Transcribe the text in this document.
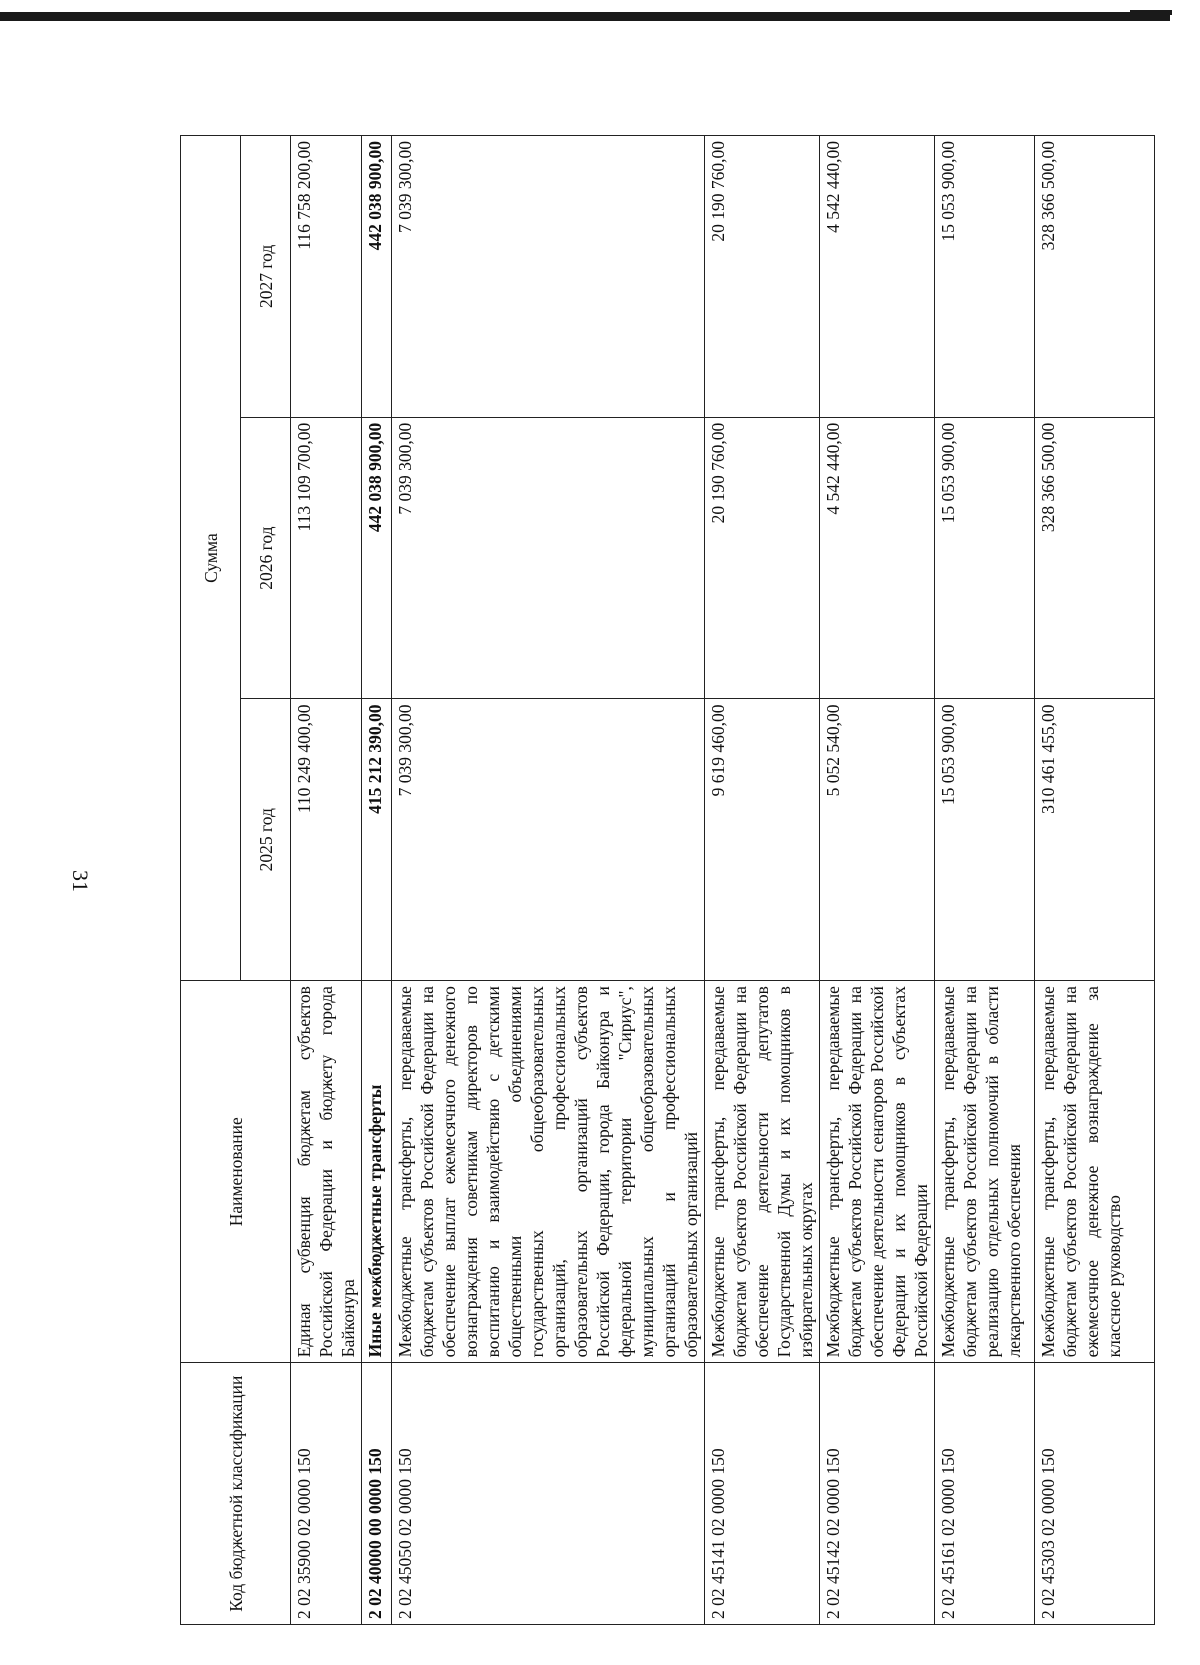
31
Код бюджетной классификации	Наименование	Сумма		
		2025 год	2026 год	2027 год
2 02 35900 02 0000 150	Единая субвенция бюджетам субъектов Российской Федерации и бюджету города Байконура	110 249 400,00	113 109 700,00	116 758 200,00
2 02 40000 00 0000 150	Иные межбюджетные трансферты	415 212 390,00	442 038 900,00	442 038 900,00
2 02 45050 02 0000 150	Межбюджетные трансферты, передаваемые бюджетам субъектов Российской Федерации на обеспечение выплат ежемесячного денежного вознаграждения советникам директоров по воспитанию и взаимодействию с детскими общественными объединениями государственных общеобразовательных организаций, профессиональных образовательных организаций субъектов Российской Федерации, города Байконура и федеральной территории "Сириус", муниципальных общеобразовательных организаций и профессиональных образовательных организаций	7 039 300,00	7 039 300,00	7 039 300,00
2 02 45141 02 0000 150	Межбюджетные трансферты, передаваемые бюджетам субъектов Российской Федерации на обеспечение деятельности депутатов Государственной Думы и их помощников в избирательных округах	9 619 460,00	20 190 760,00	20 190 760,00
2 02 45142 02 0000 150	Межбюджетные трансферты, передаваемые бюджетам субъектов Российской Федерации на обеспечение деятельности сенаторов Российской Федерации и их помощников в субъектах Российской Федерации	5 052 540,00	4 542 440,00	4 542 440,00
2 02 45161 02 0000 150	Межбюджетные трансферты, передаваемые бюджетам субъектов Российской Федерации на реализацию отдельных полномочий в области лекарственного обеспечения	15 053 900,00	15 053 900,00	15 053 900,00
2 02 45303 02 0000 150	Межбюджетные трансферты, передаваемые бюджетам субъектов Российской Федерации на ежемесячное денежное вознаграждение за классное руководство	310 461 455,00	328 366 500,00	328 366 500,00
